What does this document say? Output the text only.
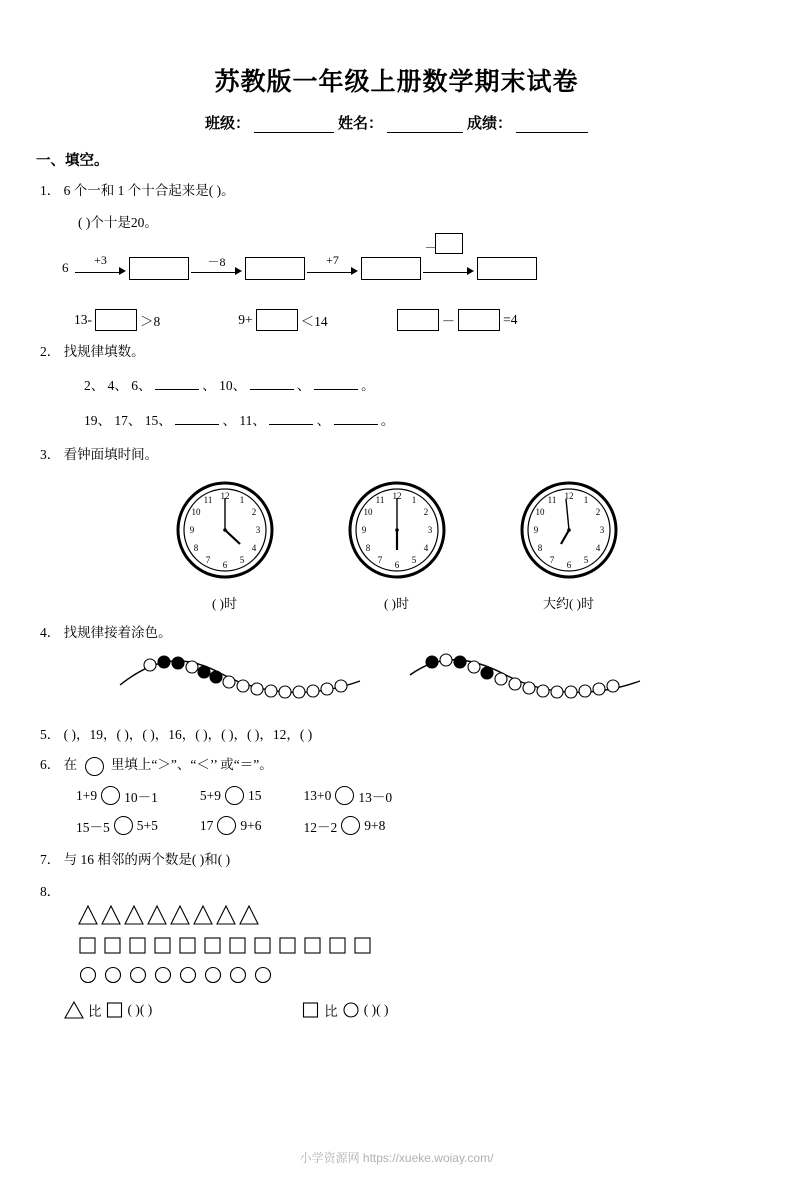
苏教版一年级上册数学期末试卷
班级：	姓名：	成绩：
一、填空。
1． 6 个一和 1 个十合起来是( )。
( )个十是20。
6 +3	－8	+7
－
13-	＞8	9+	＜14	－	=4
2． 找规律填数。
2、 4、 6、	、 10、	、	。
19、 17、 15、	、 11、	、	。
3． 看钟面填时间。
12 1
2
3
4
5
6
7
8
9
10
11
( )时
12 1
2
3
4
5
6
7
8
9
10
11
( )时
12 1
2
3
4
5
6
7
8
9
10
11
大约( )时
4． 找规律接着涂色。
5． ( )，19，( )，( )，16，( )，( )，( )，12，( )
6． 在	里填上“＞”、“＜’’ 或“＝”。
1+9 10－1	5+9 15	13+0 13－0
15－5 5+5	17 9+6	12－2 9+8
7． 与 16 相邻的两个数是( )和( )
8．
比 ( )( )	比 ( )( )
小学资源网 https://xueke.woiay.com/
